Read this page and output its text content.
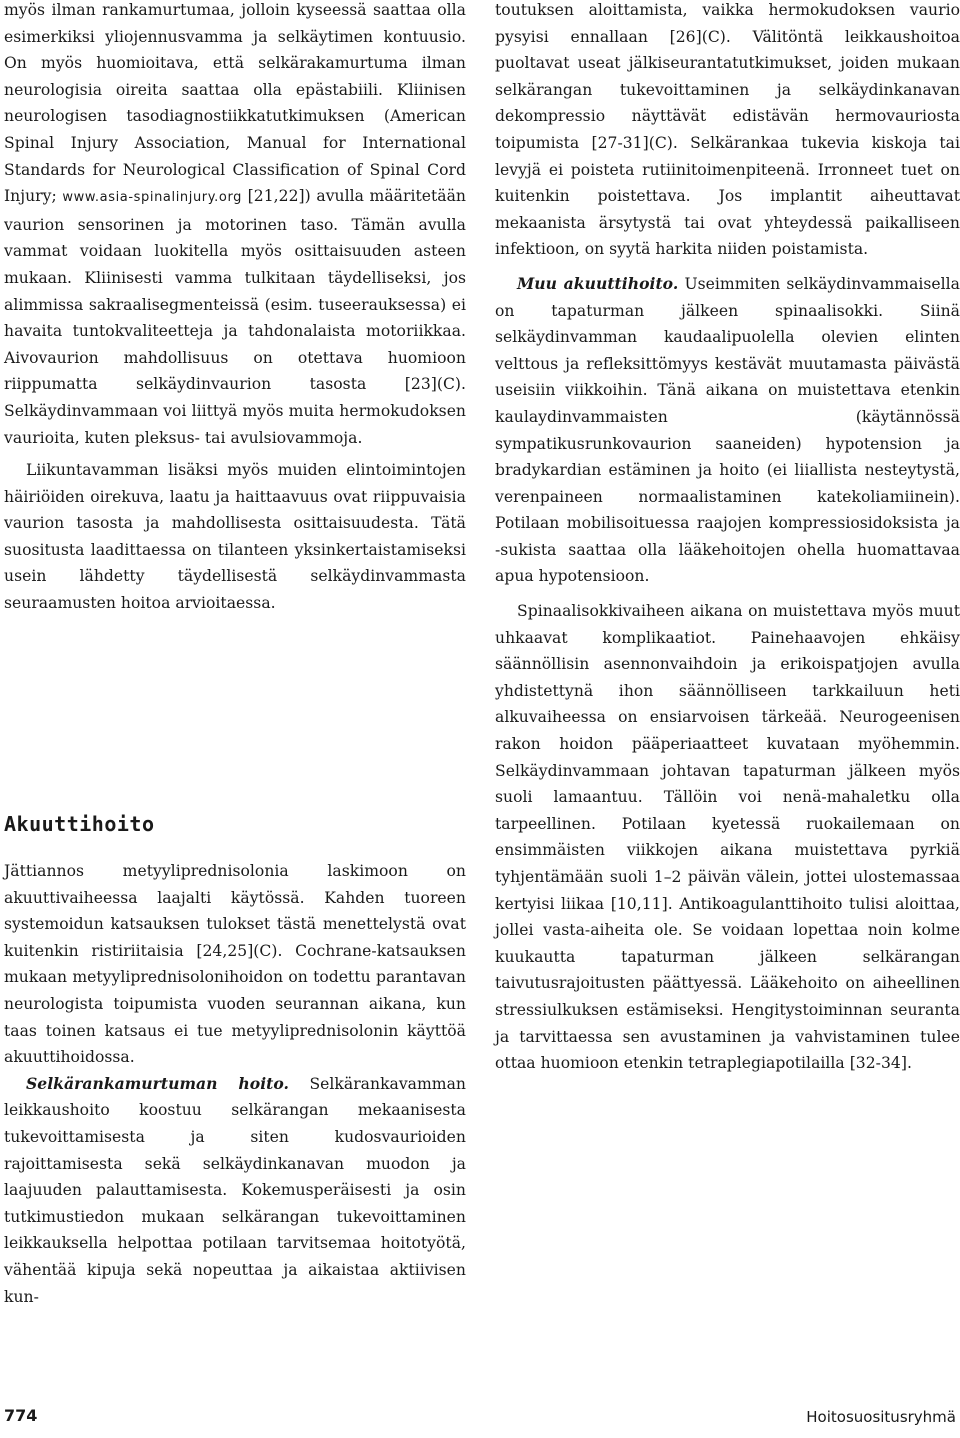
myös ilman rankamurtumaa, jolloin kyseessä saattaa olla esimerkiksi yliojennusvamma ja selkäytimen kontuusio. On myös huomioitava, että selkärakamurtuma ilman neurologisia oireita saattaa olla epästabiili. Kliinisen neurologisen tasodiagnostiikkatutkimuksen (American Spinal Injury Association, Manual for International Standards for Neurological Classification of Spinal Cord Injury; www.asia-spinalinjury.org [21,22]) avulla määritetään vaurion sensorinen ja motorinen taso. Tämän avulla vammat voidaan luokitella myös osittaisuuden asteen mukaan. Kliinisesti vamma tulkitaan täydelliseksi, jos alimmissa sakraalisegmenteissä (esim. tuseerauksessa) ei havaita tuntokvaliteetteja ja tahdonalaista motoriikkaa. Aivovaurion mahdollisuus on otettava huomioon riippumatta selkäydinvaurion tasosta [23](C). Selkäydinvammaan voi liittyä myös muita hermokudoksen vaurioita, kuten pleksus- tai avulsiovammoja.

Liikuntavamman lisäksi myös muiden elintoimintojen häiriöiden oirekuva, laatu ja haittaavuus ovat riippuvaisia vaurion tasosta ja mahdollisesta osittaisuudesta. Tätä suositusta laadittaessa on tilanteen yksinkertaistamiseksi usein lähdetty täydellisestä selkäydinvammasta seuraamusten hoitoa arvioitaessa.

Akuuttihoito

Jättiannos metyyliprednisolonia laskimoon on akuuttivaiheessa laajalti käytössä. Kahden tuoreen systemoidun katsauksen tulokset tästä menettelystä ovat kuitenkin ristiriitaisia [24,25](C). Cochrane-katsauksen mukaan metyyliprednisolonihoidon on todettu parantavan neurologista toipumista vuoden seurannan aikana, kun taas toinen katsaus ei tue metyyliprednisolonin käyttöä akuuttihoidossa.

Selkärankamurtuman hoito. Selkärankavamman leikkaushoito koostuu selkärangan mekaanisesta tukevoittamisesta ja siten kudosvaurioiden rajoittamisesta sekä selkäydinkanavan muodon ja laajuuden palauttamisesta. Kokemusperäisesti ja osin tutkimustiedon mukaan selkärangan tukevoittaminen leikkauksella helpottaa potilaan tarvitsemaa hoitotyötä, vähentää kipuja sekä nopeuttaa ja aikaistaa aktiivisen kun-

toutuksen aloittamista, vaikka hermokudoksen vaurio pysyisi ennallaan [26](C). Välitöntä leikkaushoitoa puoltavat useat jälkiseurantatutkimukset, joiden mukaan selkärangan tukevoittaminen ja selkäydinkanavan dekompressio näyttävät edistävän hermovauriosta toipumista [27-31](C). Selkärankaa tukevia kiskoja tai levyjä ei poisteta rutiinitoimenpiteenä. Irronneet tuet on kuitenkin poistettava. Jos implantit aiheuttavat mekaanista ärsytystä tai ovat yhteydessä paikalliseen infektioon, on syytä harkita niiden poistamista.

Muu akuuttihoito. Useimmiten selkäydinvammaisella on tapaturman jälkeen spinaalisokki. Siinä selkäydinvamman kaudaalipuolella olevien elinten velttous ja refleksittömyys kestävät muutamasta päivästä useisiin viikkoihin. Tänä aikana on muistettava etenkin kaulaydinvammaisten (käytännössä sympatikusrunkovaurion saaneiden) hypotension ja bradykardian estäminen ja hoito (ei liiallista nesteytystä, verenpaineen normaalistaminen katekoliamiinein). Potilaan mobilisoituessa raajojen kompressiosidoksista ja -sukista saattaa olla lääkehoitojen ohella huomattavaa apua hypotensioon.

Spinaalisokkivaiheen aikana on muistettava myös muut uhkaavat komplikaatiot. Painehaavojen ehkäisy säännöllisin asennonvaihdoin ja erikoispatjojen avulla yhdistettynä ihon säännölliseen tarkkailuun heti alkuvaiheessa on ensiarvoisen tärkeää. Neurogeenisen rakon hoidon pääperiaatteet kuvataan myöhemmin. Selkäydinvammaan johtavan tapaturman jälkeen myös suoli lamaantuu. Tällöin voi nenä-mahaletku olla tarpeellinen. Potilaan kyetessä ruokailemaan on ensimmäisten viikkojen aikana muistettava pyrkiä tyhjentämään suoli 1–2 päivän välein, jottei ulostemassaa kertyisi liikaa [10,11]. Antikoagulanttihoito tulisi aloittaa, jollei vasta-aiheita ole. Se voidaan lopettaa noin kolme kuukautta tapaturman jälkeen selkärangan taivutusrajoitusten päättyessä. Lääkehoito on aiheellinen stressiulkuksen estämiseksi. Hengitystoiminnan seuranta ja tarvittaessa sen avustaminen ja vahvistaminen tulee ottaa huomioon etenkin tetraplegiapotilailla [32-34].

774	Hoitosuositusryhmä
